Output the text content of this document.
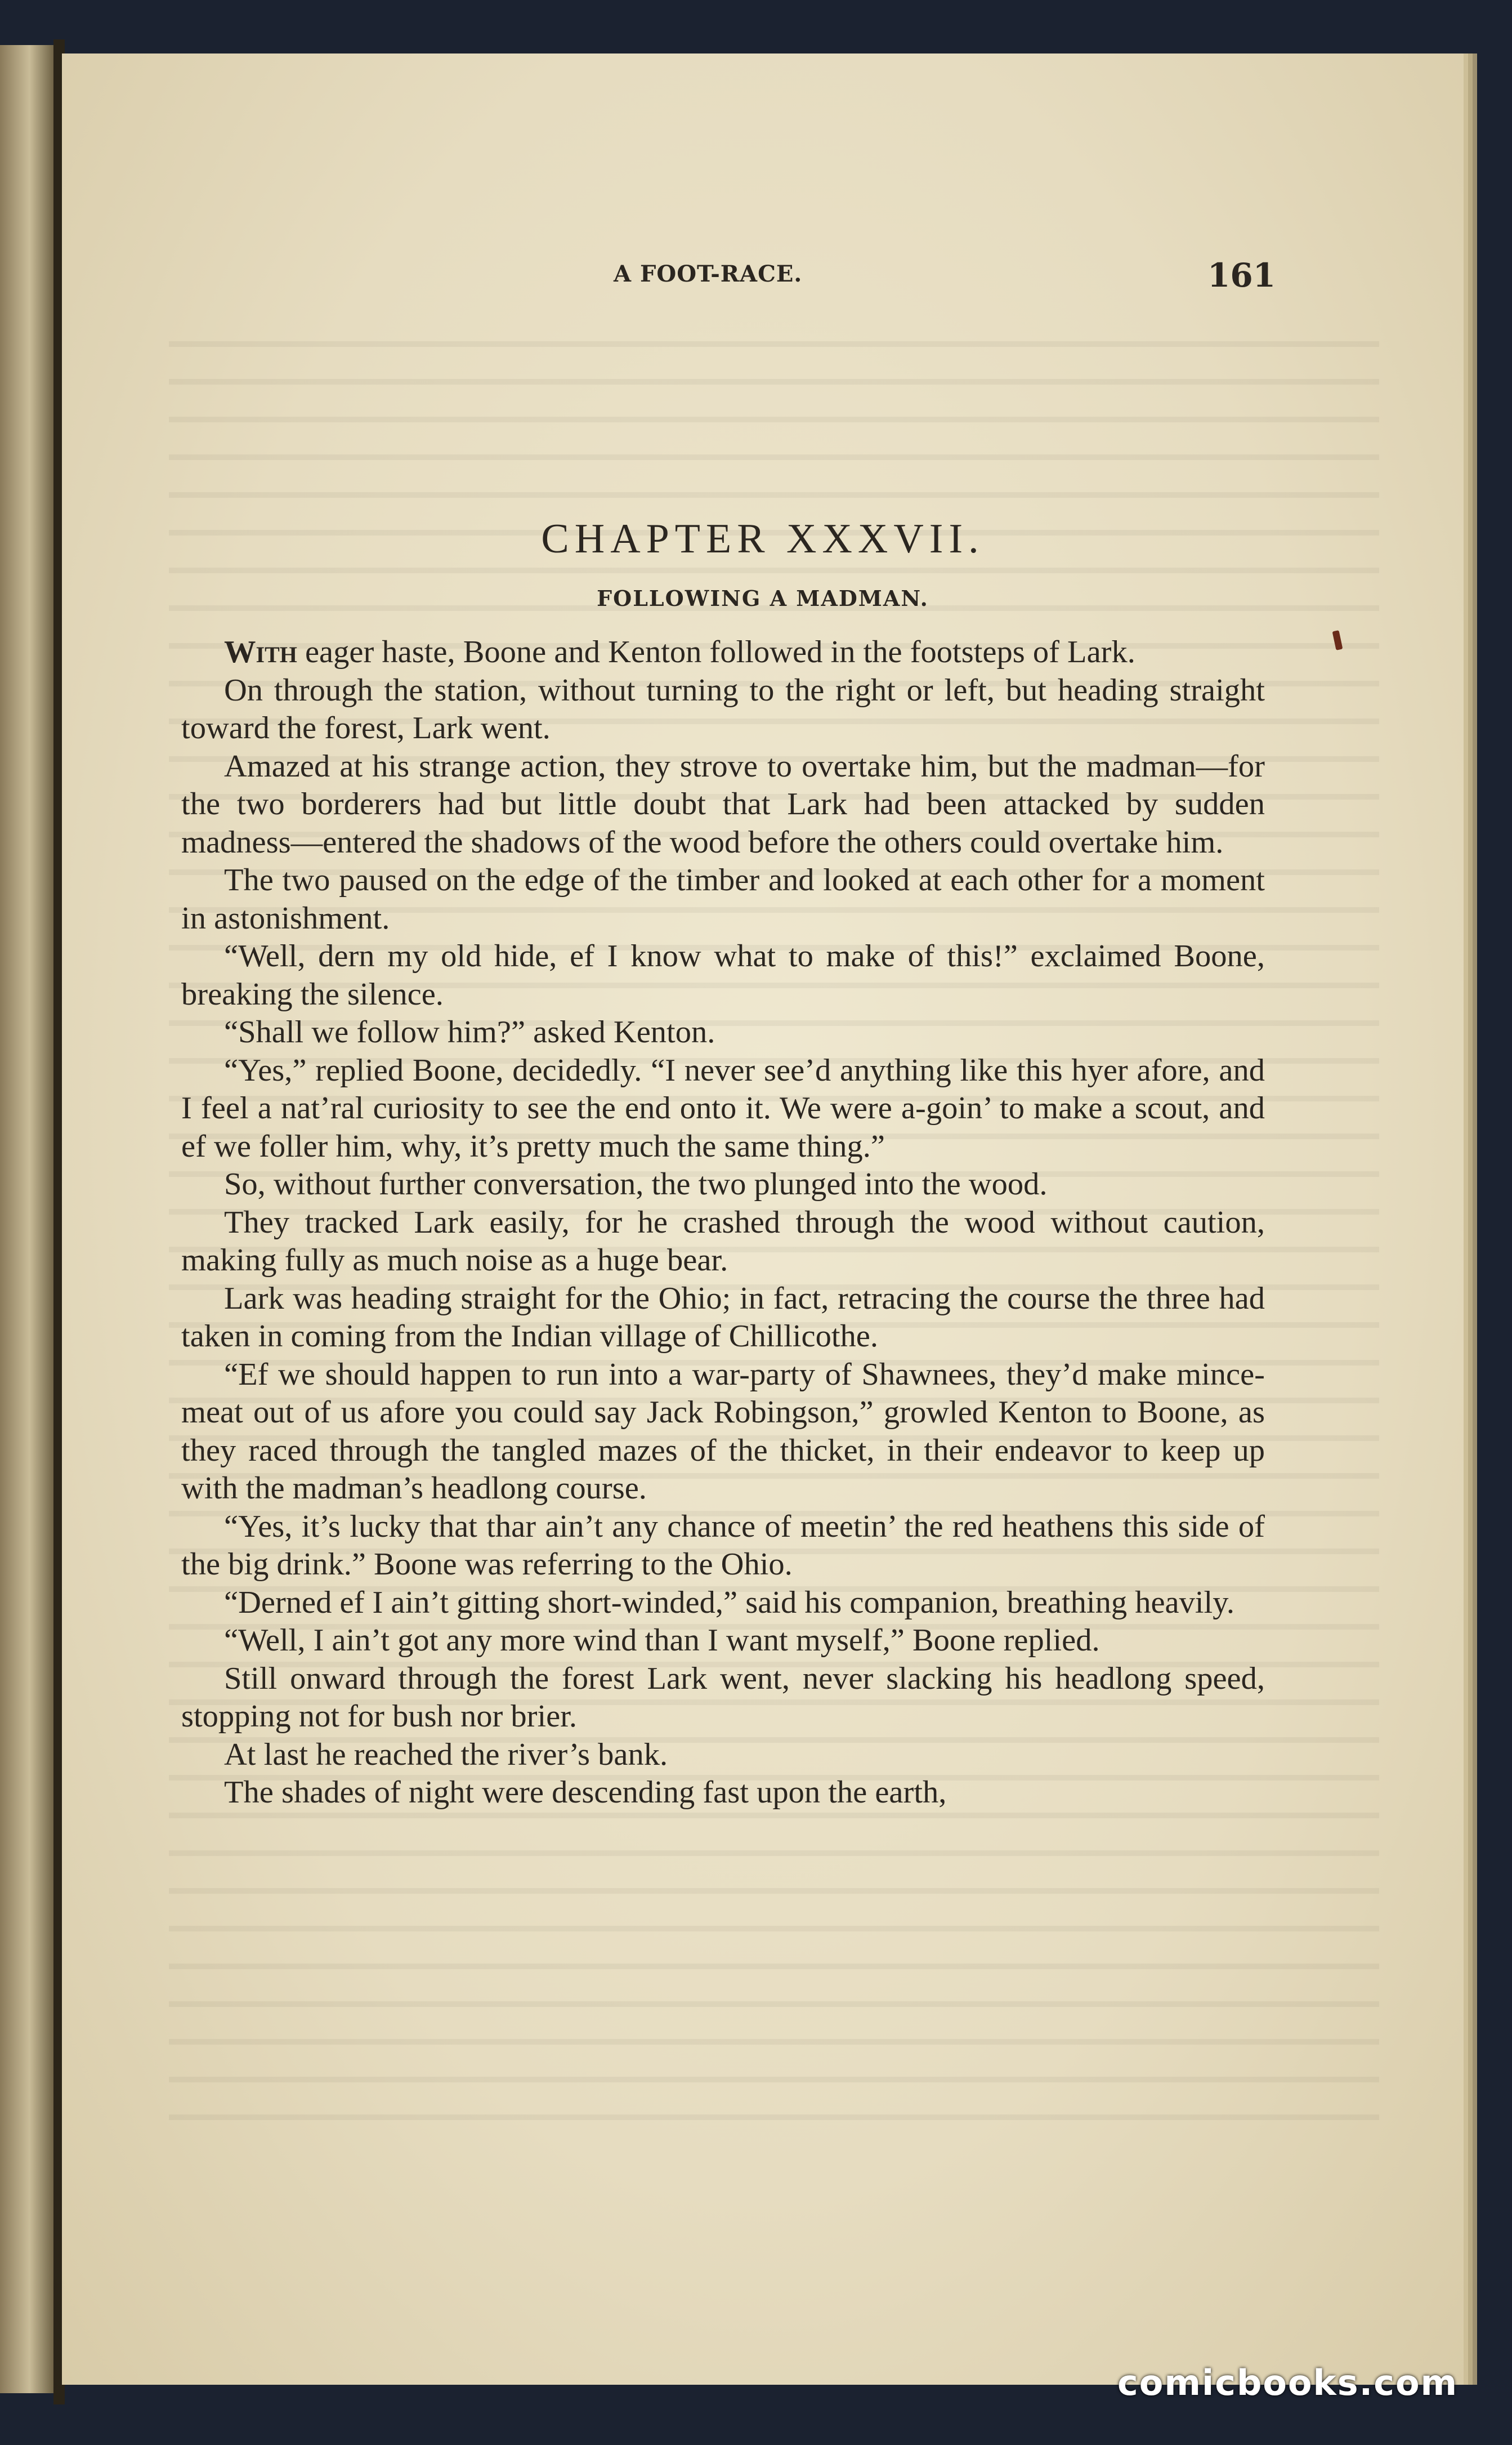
A FOOT-RACE.	161
CHAPTER XXXVII.
FOLLOWING A MADMAN.

With eager haste, Boone and Kenton followed in the footsteps of Lark.

On through the station, without turning to the right or left, but heading straight toward the forest, Lark went.

Amazed at his strange action, they strove to overtake him, but the madman—for the two borderers had but little doubt that Lark had been attacked by sudden madness—entered the shadows of the wood before the others could overtake him.

The two paused on the edge of the timber and looked at each other for a moment in astonishment.

“Well, dern my old hide, ef I know what to make of this!” exclaimed Boone, breaking the silence.

“Shall we follow him?” asked Kenton.

“Yes,” replied Boone, decidedly. “I never see’d anything like this hyer afore, and I feel a nat’ral curiosity to see the end onto it. We were a-goin’ to make a scout, and ef we foller him, why, it’s pretty much the same thing.”

So, without further conversation, the two plunged into the wood.

They tracked Lark easily, for he crashed through the wood without caution, making fully as much noise as a huge bear.

Lark was heading straight for the Ohio; in fact, retracing the course the three had taken in coming from the Indian village of Chillicothe.

“Ef we should happen to run into a war-party of Shawnees, they’d make mince-meat out of us afore you could say Jack Robingson,” growled Kenton to Boone, as they raced through the tangled mazes of the thicket, in their endeavor to keep up with the madman’s headlong course.

“Yes, it’s lucky that thar ain’t any chance of meetin’ the red heathens this side of the big drink.” Boone was referring to the Ohio.

“Derned ef I ain’t gitting short-winded,” said his companion, breathing heavily.

“Well, I ain’t got any more wind than I want myself,” Boone replied.

Still onward through the forest Lark went, never slacking his headlong speed, stopping not for bush nor brier.

At last he reached the river’s bank.

The shades of night were descending fast upon the earth,

comicbooks.com
